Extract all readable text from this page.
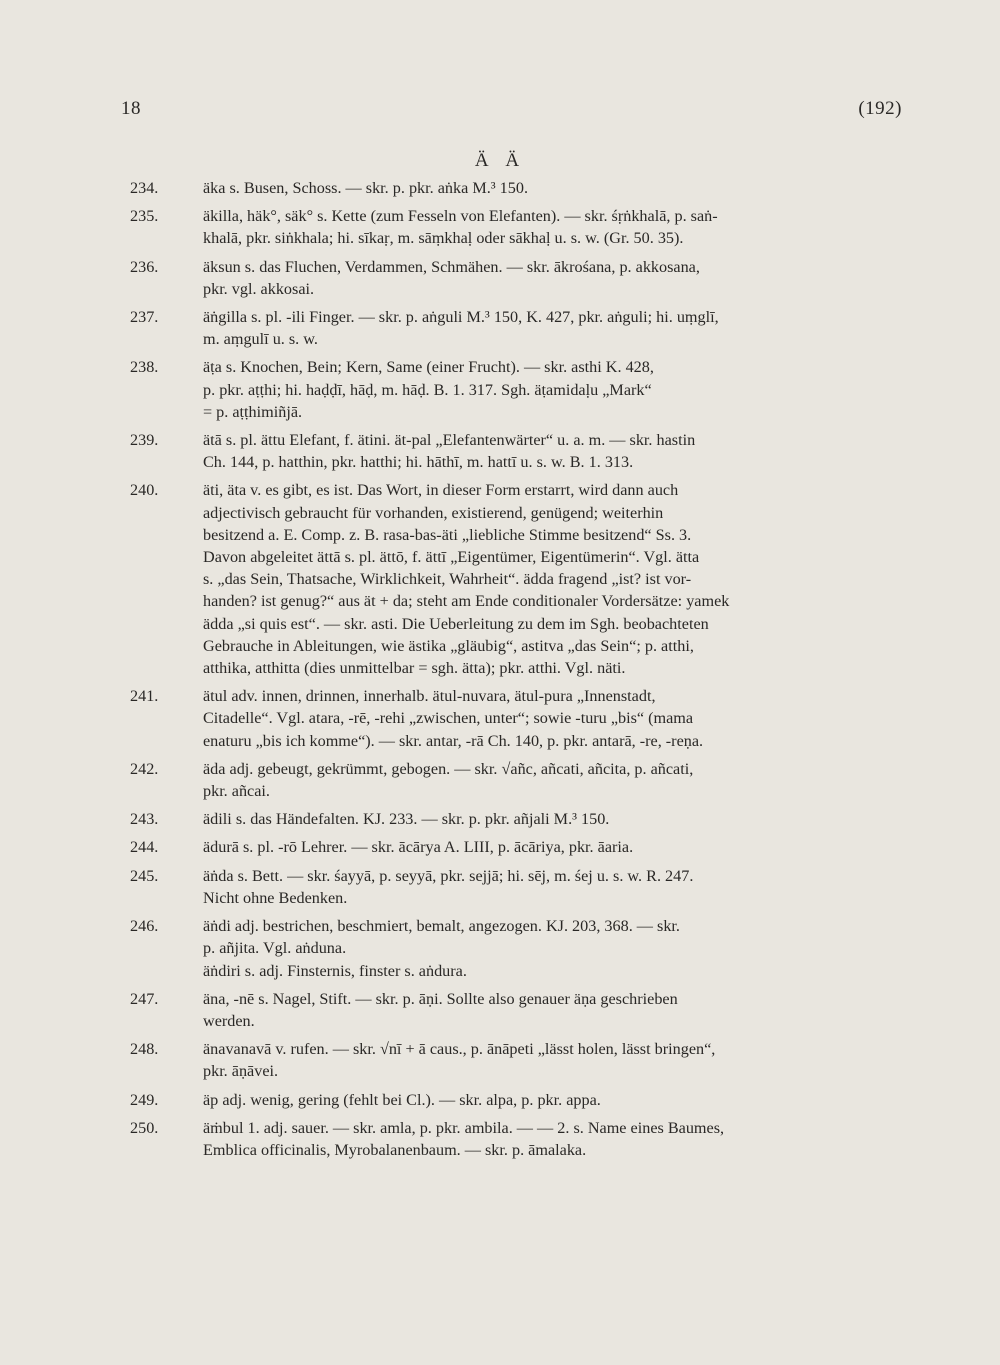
18	(192)
Ä Ä
234.	äka s. Busen, Schoss. — skr. p. pkr. aṅka M.³ 150.
235.	äkilla, häk°, säk° s. Kette (zum Fesseln von Elefanten). — skr. śṛṅkhalā, p. saṅ-
khalā, pkr. siṅkhala; hi. sīkaṛ, m. sāṃkhaḷ oder sākhaḷ u. s. w. (Gr. 50. 35).
236.	äksun s. das Fluchen, Verdammen, Schmähen. — skr. ākrośana, p. akkosana,
pkr. vgl. akkosai.
237.	äṅgilla s. pl. -ili Finger. — skr. p. aṅguli M.³ 150, K. 427, pkr. aṅguli; hi. uṃglī,
m. aṃgulī u. s. w.
238.	äṭa s. Knochen, Bein; Kern, Same (einer Frucht). — skr. asthi K. 428,
p. pkr. aṭṭhi; hi. haḍḍī, hāḍ, m. hāḍ. B. 1. 317. Sgh. äṭamidaḷu „Mark“
= p. aṭṭhimiñjā.
239.	ätā s. pl. ättu Elefant, f. ätini. ät-pal „Elefantenwärter“ u. a. m. — skr. hastin
Ch. 144, p. hatthin, pkr. hatthi; hi. hāthī, m. hattī u. s. w. B. 1. 313.
240.	äti, äta v. es gibt, es ist. Das Wort, in dieser Form erstarrt, wird dann auch
adjectivisch gebraucht für vorhanden, existierend, genügend; weiterhin
besitzend a. E. Comp. z. B. rasa-bas-äti „liebliche Stimme besitzend“ Ss. 3.
Davon abgeleitet ättā s. pl. ättō, f. ättī „Eigentümer, Eigentümerin“. Vgl. ätta
s. „das Sein, Thatsache, Wirklichkeit, Wahrheit“. ädda fragend „ist? ist vor-
handen? ist genug?“ aus ät + da; steht am Ende conditionaler Vordersätze: yamek
ädda „si quis est“. — skr. asti. Die Ueberleitung zu dem im Sgh. beobachteten
Gebrauche in Ableitungen, wie ästika „gläubig“, astitva „das Sein“; p. atthi,
atthika, atthitta (dies unmittelbar = sgh. ätta); pkr. atthi. Vgl. näti.
241.	ätul adv. innen, drinnen, innerhalb. ätul-nuvara, ätul-pura „Innenstadt,
Citadelle“. Vgl. atara, -rē, -rehi „zwischen, unter“; sowie -turu „bis“ (mama
enaturu „bis ich komme“). — skr. antar, -rā Ch. 140, p. pkr. antarā, -re, -reṇa.
242.	äda adj. gebeugt, gekrümmt, gebogen. — skr. √añc, añcati, añcita, p. añcati,
pkr. añcai.
243.	ädili s. das Händefalten. KJ. 233. — skr. p. pkr. añjali M.³ 150.
244.	ädurā s. pl. -rō Lehrer. — skr. ācārya A. LIII, p. ācāriya, pkr. āaria.
245.	äṅda s. Bett. — skr. śayyā, p. seyyā, pkr. sejjā; hi. sēj, m. śej u. s. w. R. 247.
Nicht ohne Bedenken.
246.	äṅdi adj. bestrichen, beschmiert, bemalt, angezogen. KJ. 203, 368. — skr.
p. añjita. Vgl. aṅduna.
äṅdiri s. adj. Finsternis, finster s. aṅdura.
247.	äna, -nē s. Nagel, Stift. — skr. p. āṇi. Sollte also genauer äṇa geschrieben
werden.
248.	änavanavā v. rufen. — skr. √nī + ā caus., p. ānāpeti „lässt holen, lässt bringen“,
pkr. āṇāvei.
249.	äp adj. wenig, gering (fehlt bei Cl.). — skr. alpa, p. pkr. appa.
250.	äṁbul 1. adj. sauer. — skr. amla, p. pkr. ambila. — — 2. s. Name eines Baumes,
Emblica officinalis, Myrobalanenbaum. — skr. p. āmalaka.
